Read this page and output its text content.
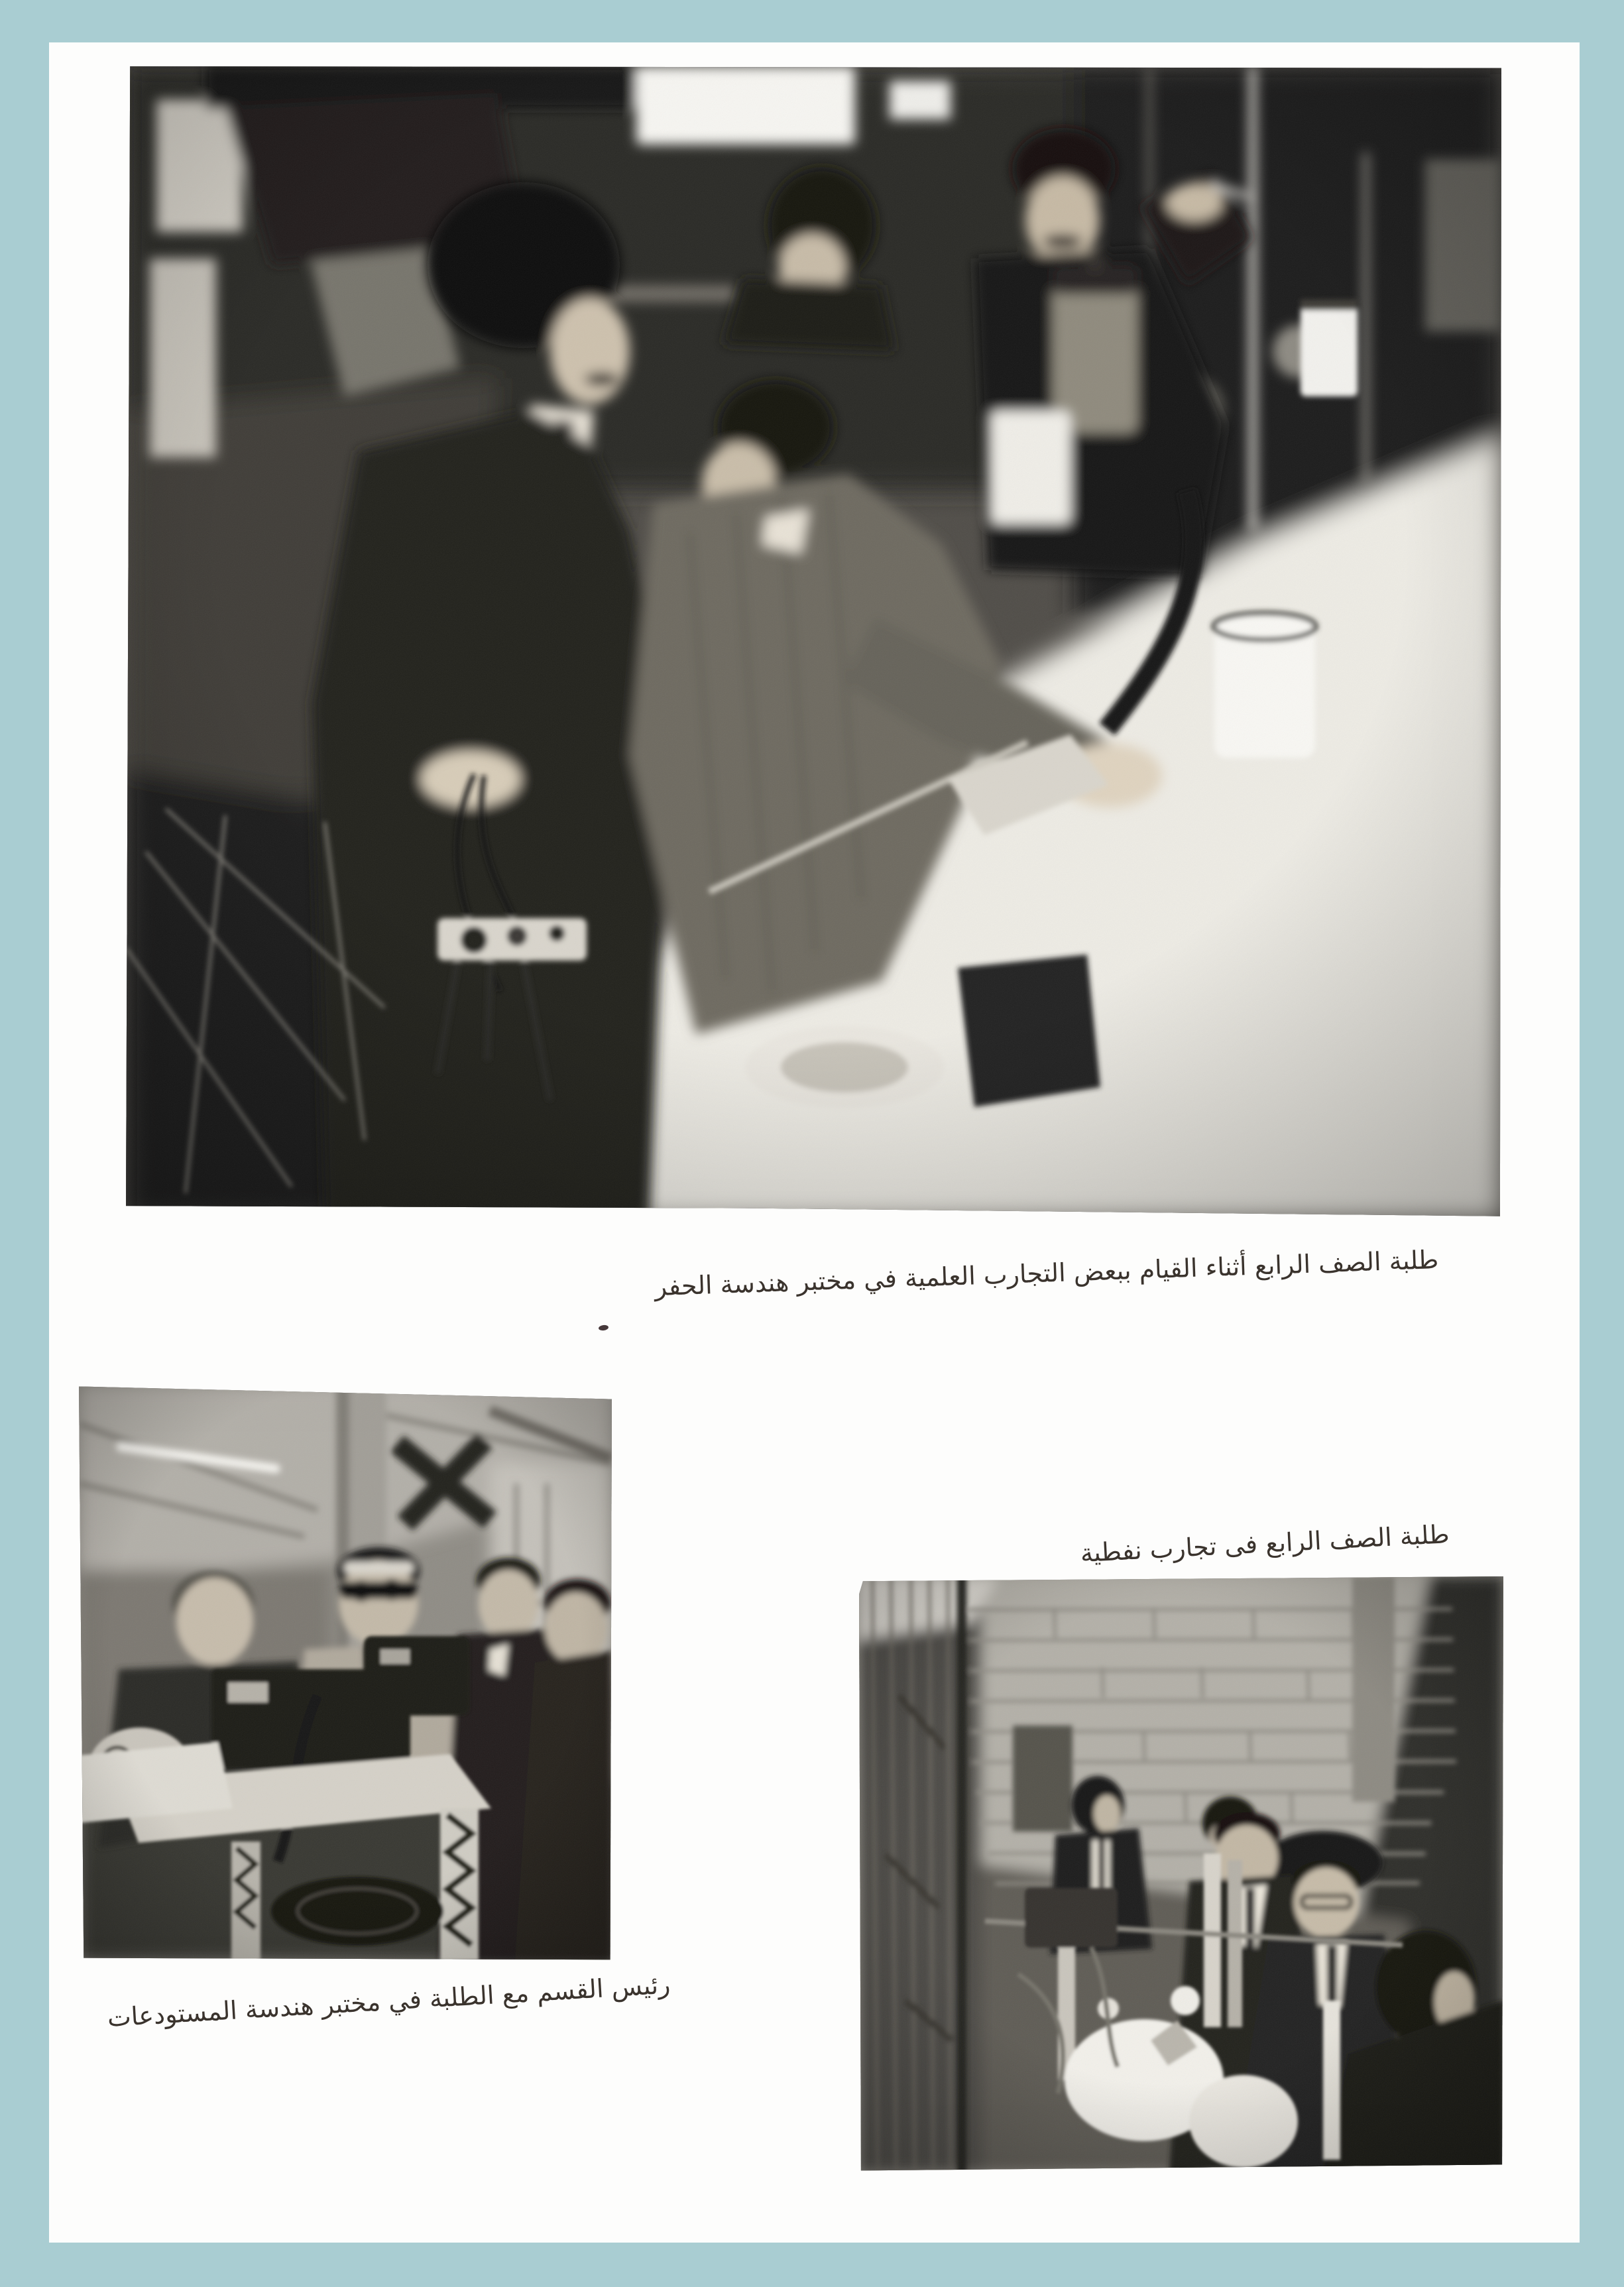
طلبة الصف الرابع أثناء القيام ببعض التجارب العلمية في مختبر هندسة الحفر
طلبة الصف الرابع فى تجارب نفطية
رئيس القسم مع الطلبة في مختبر هندسة المستودعات
